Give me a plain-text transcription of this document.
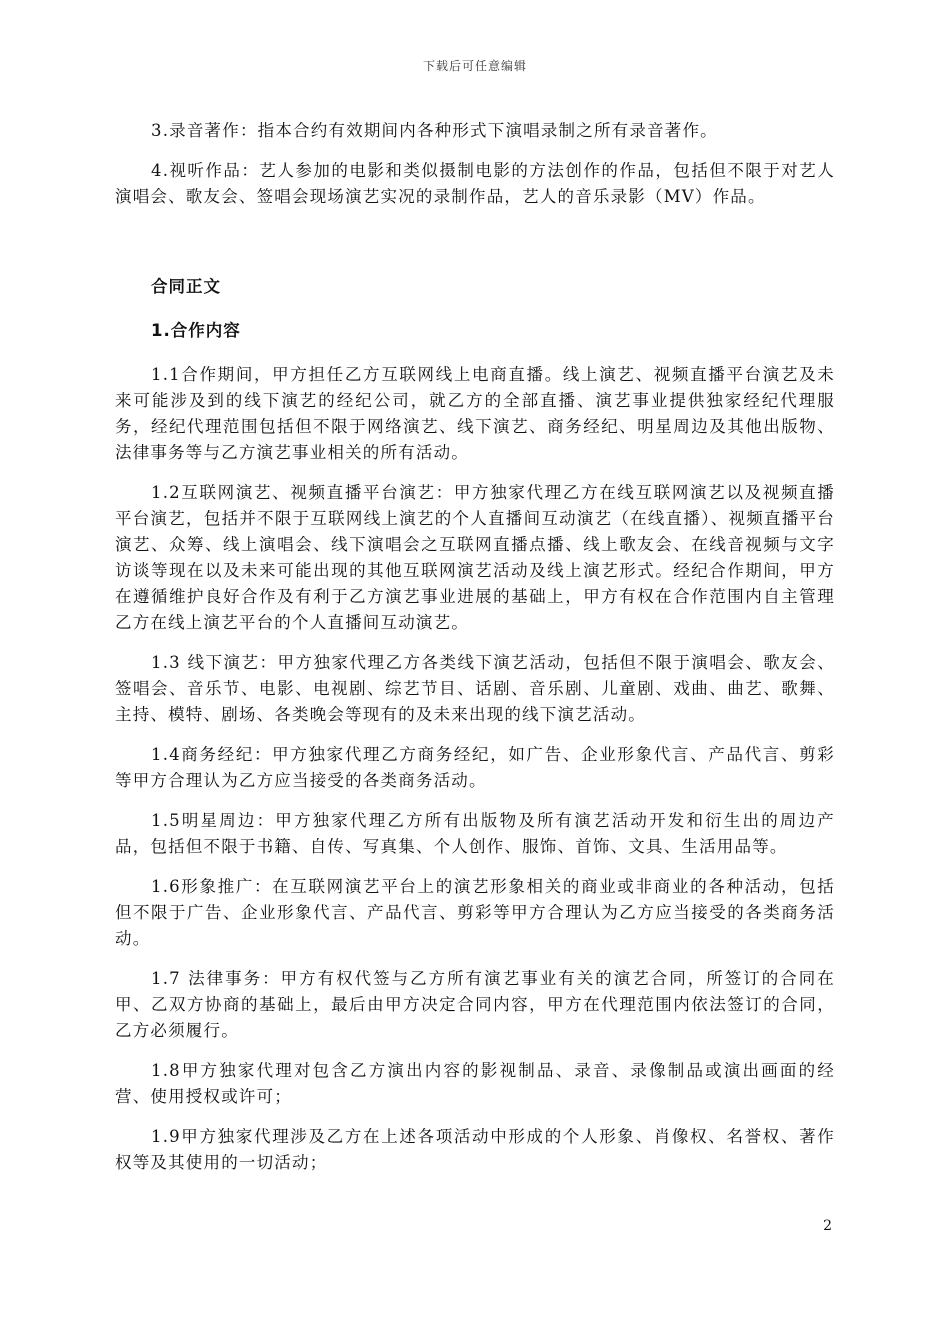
下载后可任意编辑

3.录音著作：指本合约有效期间内各种形式下演唱录制之所有录音著作。

4.视听作品：艺人参加的电影和类似摄制电影的方法创作的作品，包括但不限于对艺人演唱会、歌友会、签唱会现场演艺实况的录制作品，艺人的音乐录影（MV）作品。

合同正文
1.合作内容

1.1合作期间，甲方担任乙方互联网线上电商直播。线上演艺、视频直播平台演艺及未来可能涉及到的线下演艺的经纪公司，就乙方的全部直播、演艺事业提供独家经纪代理服务，经纪代理范围包括但不限于网络演艺、线下演艺、商务经纪、明星周边及其他出版物、法律事务等与乙方演艺事业相关的所有活动。

1.2互联网演艺、视频直播平台演艺：甲方独家代理乙方在线互联网演艺以及视频直播平台演艺，包括并不限于互联网线上演艺的个人直播间互动演艺（在线直播）、视频直播平台演艺、众筹、线上演唱会、线下演唱会之互联网直播点播、线上歌友会、在线音视频与文字访谈等现在以及未来可能出现的其他互联网演艺活动及线上演艺形式。经纪合作期间，甲方在遵循维护良好合作及有利于乙方演艺事业进展的基础上，甲方有权在合作范围内自主管理乙方在线上演艺平台的个人直播间互动演艺。

1.3 线下演艺：甲方独家代理乙方各类线下演艺活动，包括但不限于演唱会、歌友会、签唱会、音乐节、电影、电视剧、综艺节目、话剧、音乐剧、儿童剧、戏曲、曲艺、歌舞、主持、模特、剧场、各类晚会等现有的及未来出现的线下演艺活动。

1.4商务经纪：甲方独家代理乙方商务经纪，如广告、企业形象代言、产品代言、剪彩等甲方合理认为乙方应当接受的各类商务活动。

1.5明星周边：甲方独家代理乙方所有出版物及所有演艺活动开发和衍生出的周边产品，包括但不限于书籍、自传、写真集、个人创作、服饰、首饰、文具、生活用品等。

1.6形象推广：在互联网演艺平台上的演艺形象相关的商业或非商业的各种活动，包括但不限于广告、企业形象代言、产品代言、剪彩等甲方合理认为乙方应当接受的各类商务活动。

1.7 法律事务：甲方有权代签与乙方所有演艺事业有关的演艺合同，所签订的合同在甲、乙双方协商的基础上，最后由甲方决定合同内容，甲方在代理范围内依法签订的合同，乙方必须履行。

1.8甲方独家代理对包含乙方演出内容的影视制品、录音、录像制品或演出画面的经营、使用授权或许可；

1.9甲方独家代理涉及乙方在上述各项活动中形成的个人形象、肖像权、名誉权、著作权等及其使用的一切活动；

2
